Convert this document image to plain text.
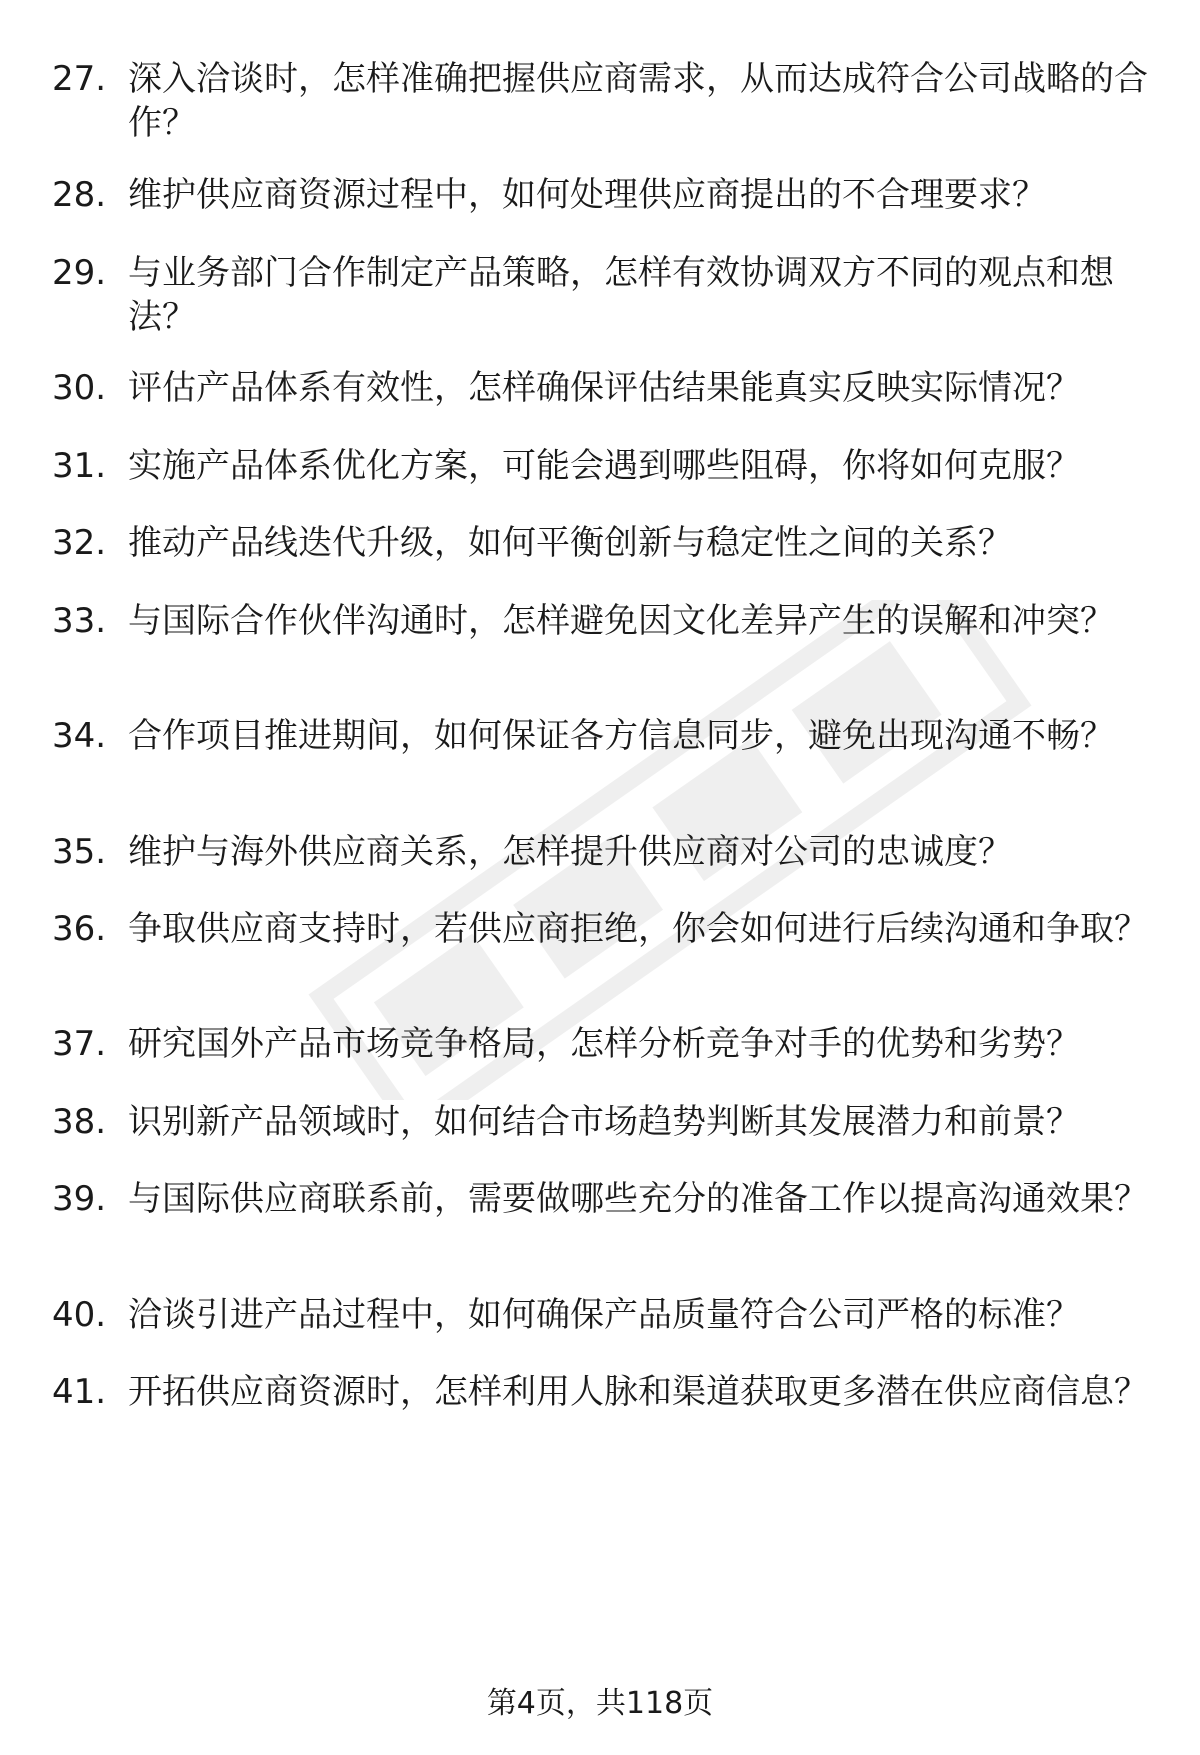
27. 深入洽谈时，怎样准确把握供应商需求，从而达成符合公司战略的合作？
28. 维护供应商资源过程中，如何处理供应商提出的不合理要求？
29. 与业务部门合作制定产品策略，怎样有效协调双方不同的观点和想法？
30. 评估产品体系有效性，怎样确保评估结果能真实反映实际情况？
31. 实施产品体系优化方案，可能会遇到哪些阻碍，你将如何克服？
32. 推动产品线迭代升级，如何平衡创新与稳定性之间的关系？
33. 与国际合作伙伴沟通时，怎样避免因文化差异产生的误解和冲突？
34. 合作项目推进期间，如何保证各方信息同步，避免出现沟通不畅？
35. 维护与海外供应商关系，怎样提升供应商对公司的忠诚度？
36. 争取供应商支持时，若供应商拒绝，你会如何进行后续沟通和争取？
37. 研究国外产品市场竞争格局，怎样分析竞争对手的优势和劣势？
38. 识别新产品领域时，如何结合市场趋势判断其发展潜力和前景？
39. 与国际供应商联系前，需要做哪些充分的准备工作以提高沟通效果？
40. 洽谈引进产品过程中，如何确保产品质量符合公司严格的标准？
41. 开拓供应商资源时，怎样利用人脉和渠道获取更多潜在供应商信息？
第4页，共118页
